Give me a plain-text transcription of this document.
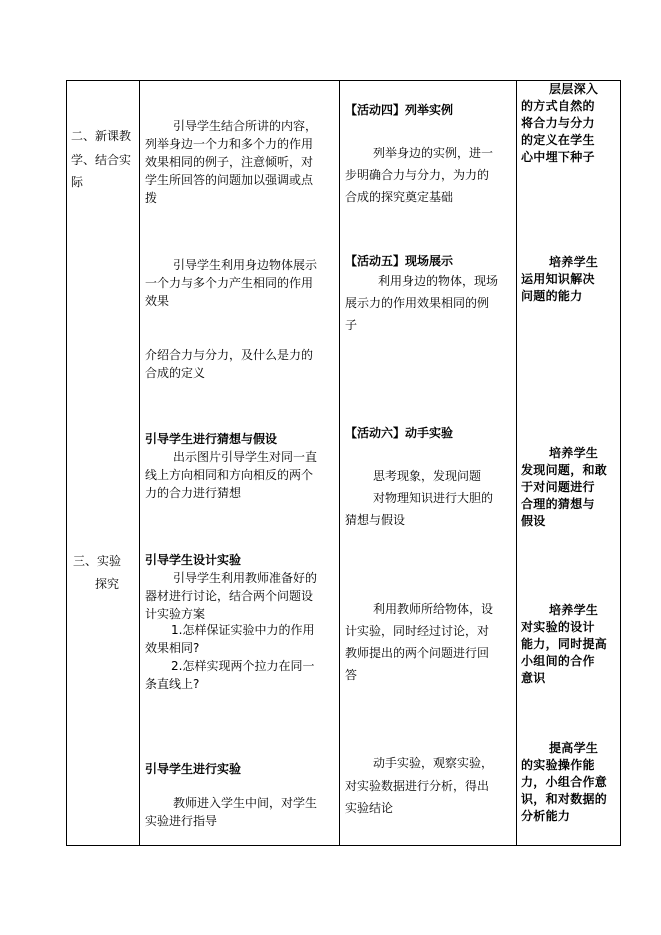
二、新课教
学、结合实
际
三、实验
探究
引导学生结合所讲的内容，
列举身边一个力和多个力的作用
效果相同的例子，注意倾听，对
学生所回答的问题加以强调或点
拨
引导学生利用身边物体展示
一个力与多个力产生相同的作用
效果
介绍合力与分力，及什么是力的
合成的定义
引导学生进行猜想与假设
出示图片引导学生对同一直
线上方向相同和方向相反的两个
力的合力进行猜想
引导学生设计实验
引导学生利用教师准备好的
器材进行讨论，结合两个问题设
计实验方案
1.怎样保证实验中力的作用
效果相同?
2.怎样实现两个拉力在同一
条直线上?
引导学生进行实验
教师进入学生中间，对学生
实验进行指导
【活动四】列举实例
列举身边的实例，进一
步明确合力与分力，为力的
合成的探究奠定基础
【活动五】现场展示
利用身边的物体，现场
展示力的作用效果相同的例
子
【活动六】动手实验
思考现象，发现问题
对物理知识进行大胆的
猜想与假设
利用教师所给物体，设
计实验，同时经过讨论，对
教师提出的两个问题进行回
答
动手实验，观察实验，
对实验数据进行分析，得出
实验结论
层层深入
的方式自然的
将合力与分力
的定义在学生
心中埋下种子
培养学生
运用知识解决
问题的能力
培养学生
发现问题，和敢
于对问题进行
合理的猜想与
假设
培养学生
对实验的设计
能力，同时提高
小组间的合作
意识
提高学生
的实验操作能
力，小组合作意
识，和对数据的
分析能力
